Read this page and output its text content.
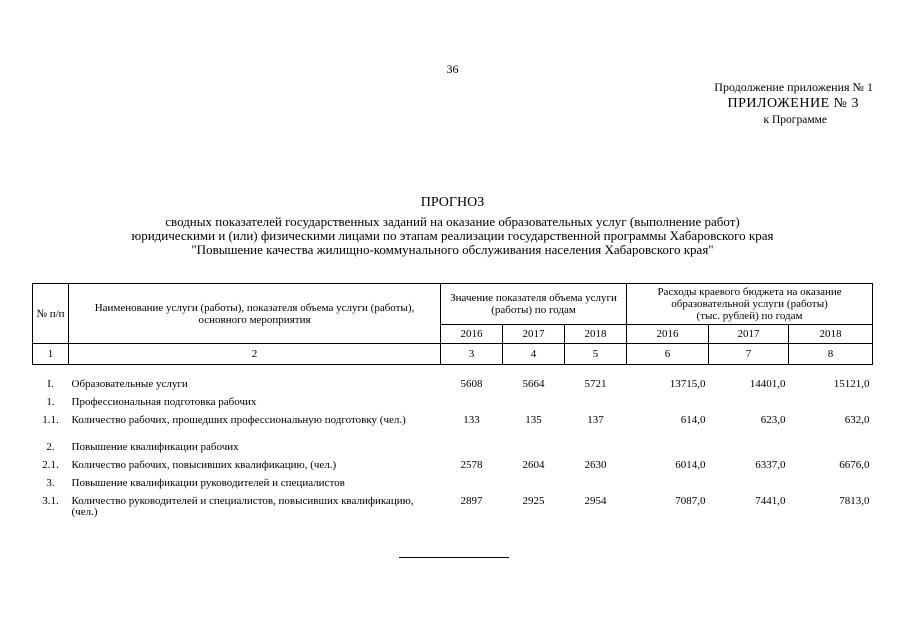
36
Продолжение приложения № 1
ПРИЛОЖЕНИЕ № 3
к Программе
ПРОГНОЗ
сводных показателей государственных заданий на оказание образовательных услуг (выполнение работ)
юридическими и (или) физическими лицами по этапам реализации государственной программы Хабаровского края
"Повышение качества жилищно-коммунального обслуживания населения Хабаровского края"
№ п/п	Наименование услуги (работы), показателя объема услуги (работы), основного мероприятия	Значение показателя объема услуги (работы) по годам			Расходы краевого бюджета на оказание образовательной услуги (работы)
(тыс. рублей) по годам		

		2016	2017	2018	2016	2017	2018
1	2	3	4	5	6	7	8

I.	Образовательные услуги	5608	5664	5721	13715,0	14401,0	15121,0
1.	Профессиональная подготовка рабочих						
1.1.	Количество рабочих, прошедших профессиональную подготовку (чел.)	133	135	137	614,0	623,0	632,0
2.	Повышение квалификации рабочих						
2.1.	Количество рабочих, повысивших квалификацию, (чел.)	2578	2604	2630	6014,0	6337,0	6676,0
3.	Повышение квалификации руководителей и специалистов						
3.1.	Количество руководителей и специалистов, повысивших квалификацию, (чел.)	2897	2925	2954	7087,0	7441,0	7813,0
